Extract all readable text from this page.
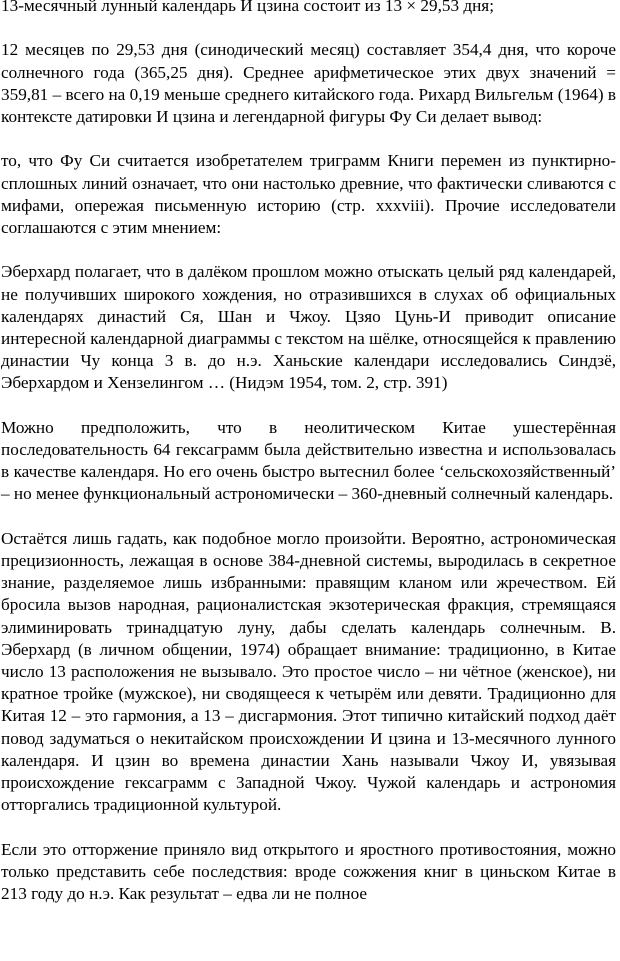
13-месячный лунный календарь И цзина состоит из 13 × 29,53 дня;

12 месяцев по 29,53 дня (синодический месяц) составляет 354,4 дня, что короче солнечного года (365,25 дня). Среднее арифметическое этих двух значений = 359,81 – всего на 0,19 меньше среднего китайского года. Рихард Вильгельм (1964) в контексте датировки И цзина и легендарной фигуры Фу Си делает вывод:

то, что Фу Си считается изобретателем триграмм Книги перемен из пунктирно-сплошных линий означает, что они настолько древние, что фактически сливаются с мифами, опережая письменную историю (стр. xxxviii). Прочие исследователи соглашаются с этим мнением:

Эберхард полагает, что в далёком прошлом можно отыскать целый ряд календарей, не получивших широкого хождения, но отразившихся в слухах об официальных календарях династий Ся, Шан и Чжоу. Цзяо Цунь-И приводит описание интересной календарной диаграммы с текстом на шёлке, относящейся к правлению династии Чу конца 3 в. до н.э. Ханьские календари исследовались Синдзё, Эберхардом и Хензелингом … (Нидэм 1954, том. 2, стр. 391)

Можно предположить, что в неолитическом Китае ушестерённая последовательность 64 гексаграмм была действительно известна и использовалась в качестве календаря. Но его очень быстро вытеснил более ‘сельскохозяйственный’ – но менее функциональный астрономически – 360-дневный солнечный календарь.

Остаётся лишь гадать, как подобное могло произойти. Вероятно, астрономическая прецизионность, лежащая в основе 384-дневной системы, выродилась в секретное знание, разделяемое лишь избранными: правящим кланом или жречеством. Ей бросила вызов народная, рационалистская экзотерическая фракция, стремящаяся элиминировать тринадцатую луну, дабы сделать календарь солнечным. В. Эберхард (в личном общении, 1974) обращает внимание: традиционно, в Китае число 13 расположения не вызывало. Это простое число – ни чётное (женское), ни кратное тройке (мужское), ни сводящееся к четырём или девяти. Традиционно для Китая 12 – это гармония, а 13 – дисгармония. Этот типично китайский подход даёт повод задуматься о некитайском происхождении И цзина и 13-месячного лунного календаря. И цзин во времена династии Хань называли Чжоу И, увязывая происхождение гексаграмм с Западной Чжоу. Чужой календарь и астрономия отторгались традиционной культурой.

Если это отторжение приняло вид открытого и яростного противостояния, можно только представить себе последствия: вроде сожжения книг в циньском Китае в 213 году до н.э. Как результат – едва ли не полное
